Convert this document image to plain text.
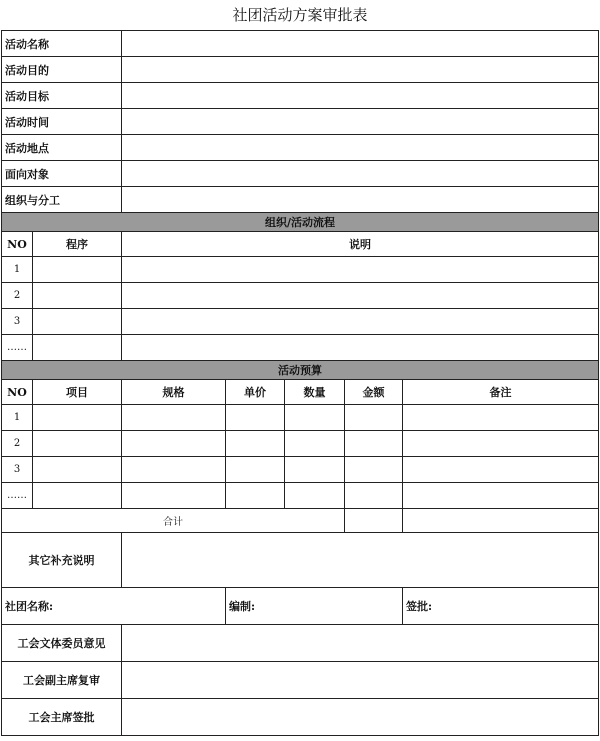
社团活动方案审批表
活动名称						
活动目的						
活动目标						
活动时间						
活动地点						
面向对象						
组织与分工						
组织/活动流程						
NO	程序	说明				
1						
2						
3						
……						
活动预算						
NO	项目	规格	单价	数量	金额	备注
1						
2						
3						
……						
合计						
其它补充说明						
社团名称:			编制:			签批:
工会文体委员意见						
工会副主席复审						
工会主席签批						
